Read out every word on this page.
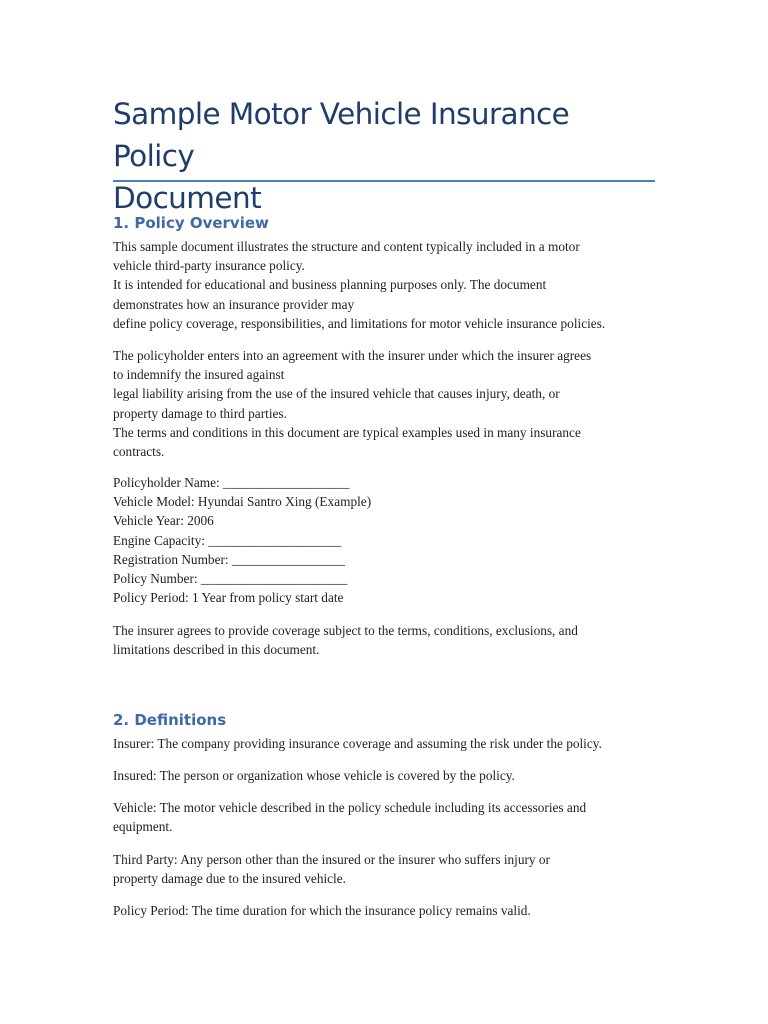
Sample Motor Vehicle Insurance Policy
Document
1. Policy Overview

This sample document illustrates the structure and content typically included in a motor
vehicle third-party insurance policy.
It is intended for educational and business planning purposes only. The document
demonstrates how an insurance provider may
define policy coverage, responsibilities, and limitations for motor vehicle insurance policies.

The policyholder enters into an agreement with the insurer under which the insurer agrees
to indemnify the insured against
legal liability arising from the use of the insured vehicle that causes injury, death, or
property damage to third parties.
The terms and conditions in this document are typical examples used in many insurance
contracts.

Policyholder Name: ___________________
Vehicle Model: Hyundai Santro Xing (Example)
Vehicle Year: 2006
Engine Capacity: ____________________
Registration Number: _________________
Policy Number: ______________________
Policy Period: 1 Year from policy start date

The insurer agrees to provide coverage subject to the terms, conditions, exclusions, and
limitations described in this document.

2. Definitions

Insurer: The company providing insurance coverage and assuming the risk under the policy.

Insured: The person or organization whose vehicle is covered by the policy.

Vehicle: The motor vehicle described in the policy schedule including its accessories and
equipment.

Third Party: Any person other than the insured or the insurer who suffers injury or
property damage due to the insured vehicle.

Policy Period: The time duration for which the insurance policy remains valid.
